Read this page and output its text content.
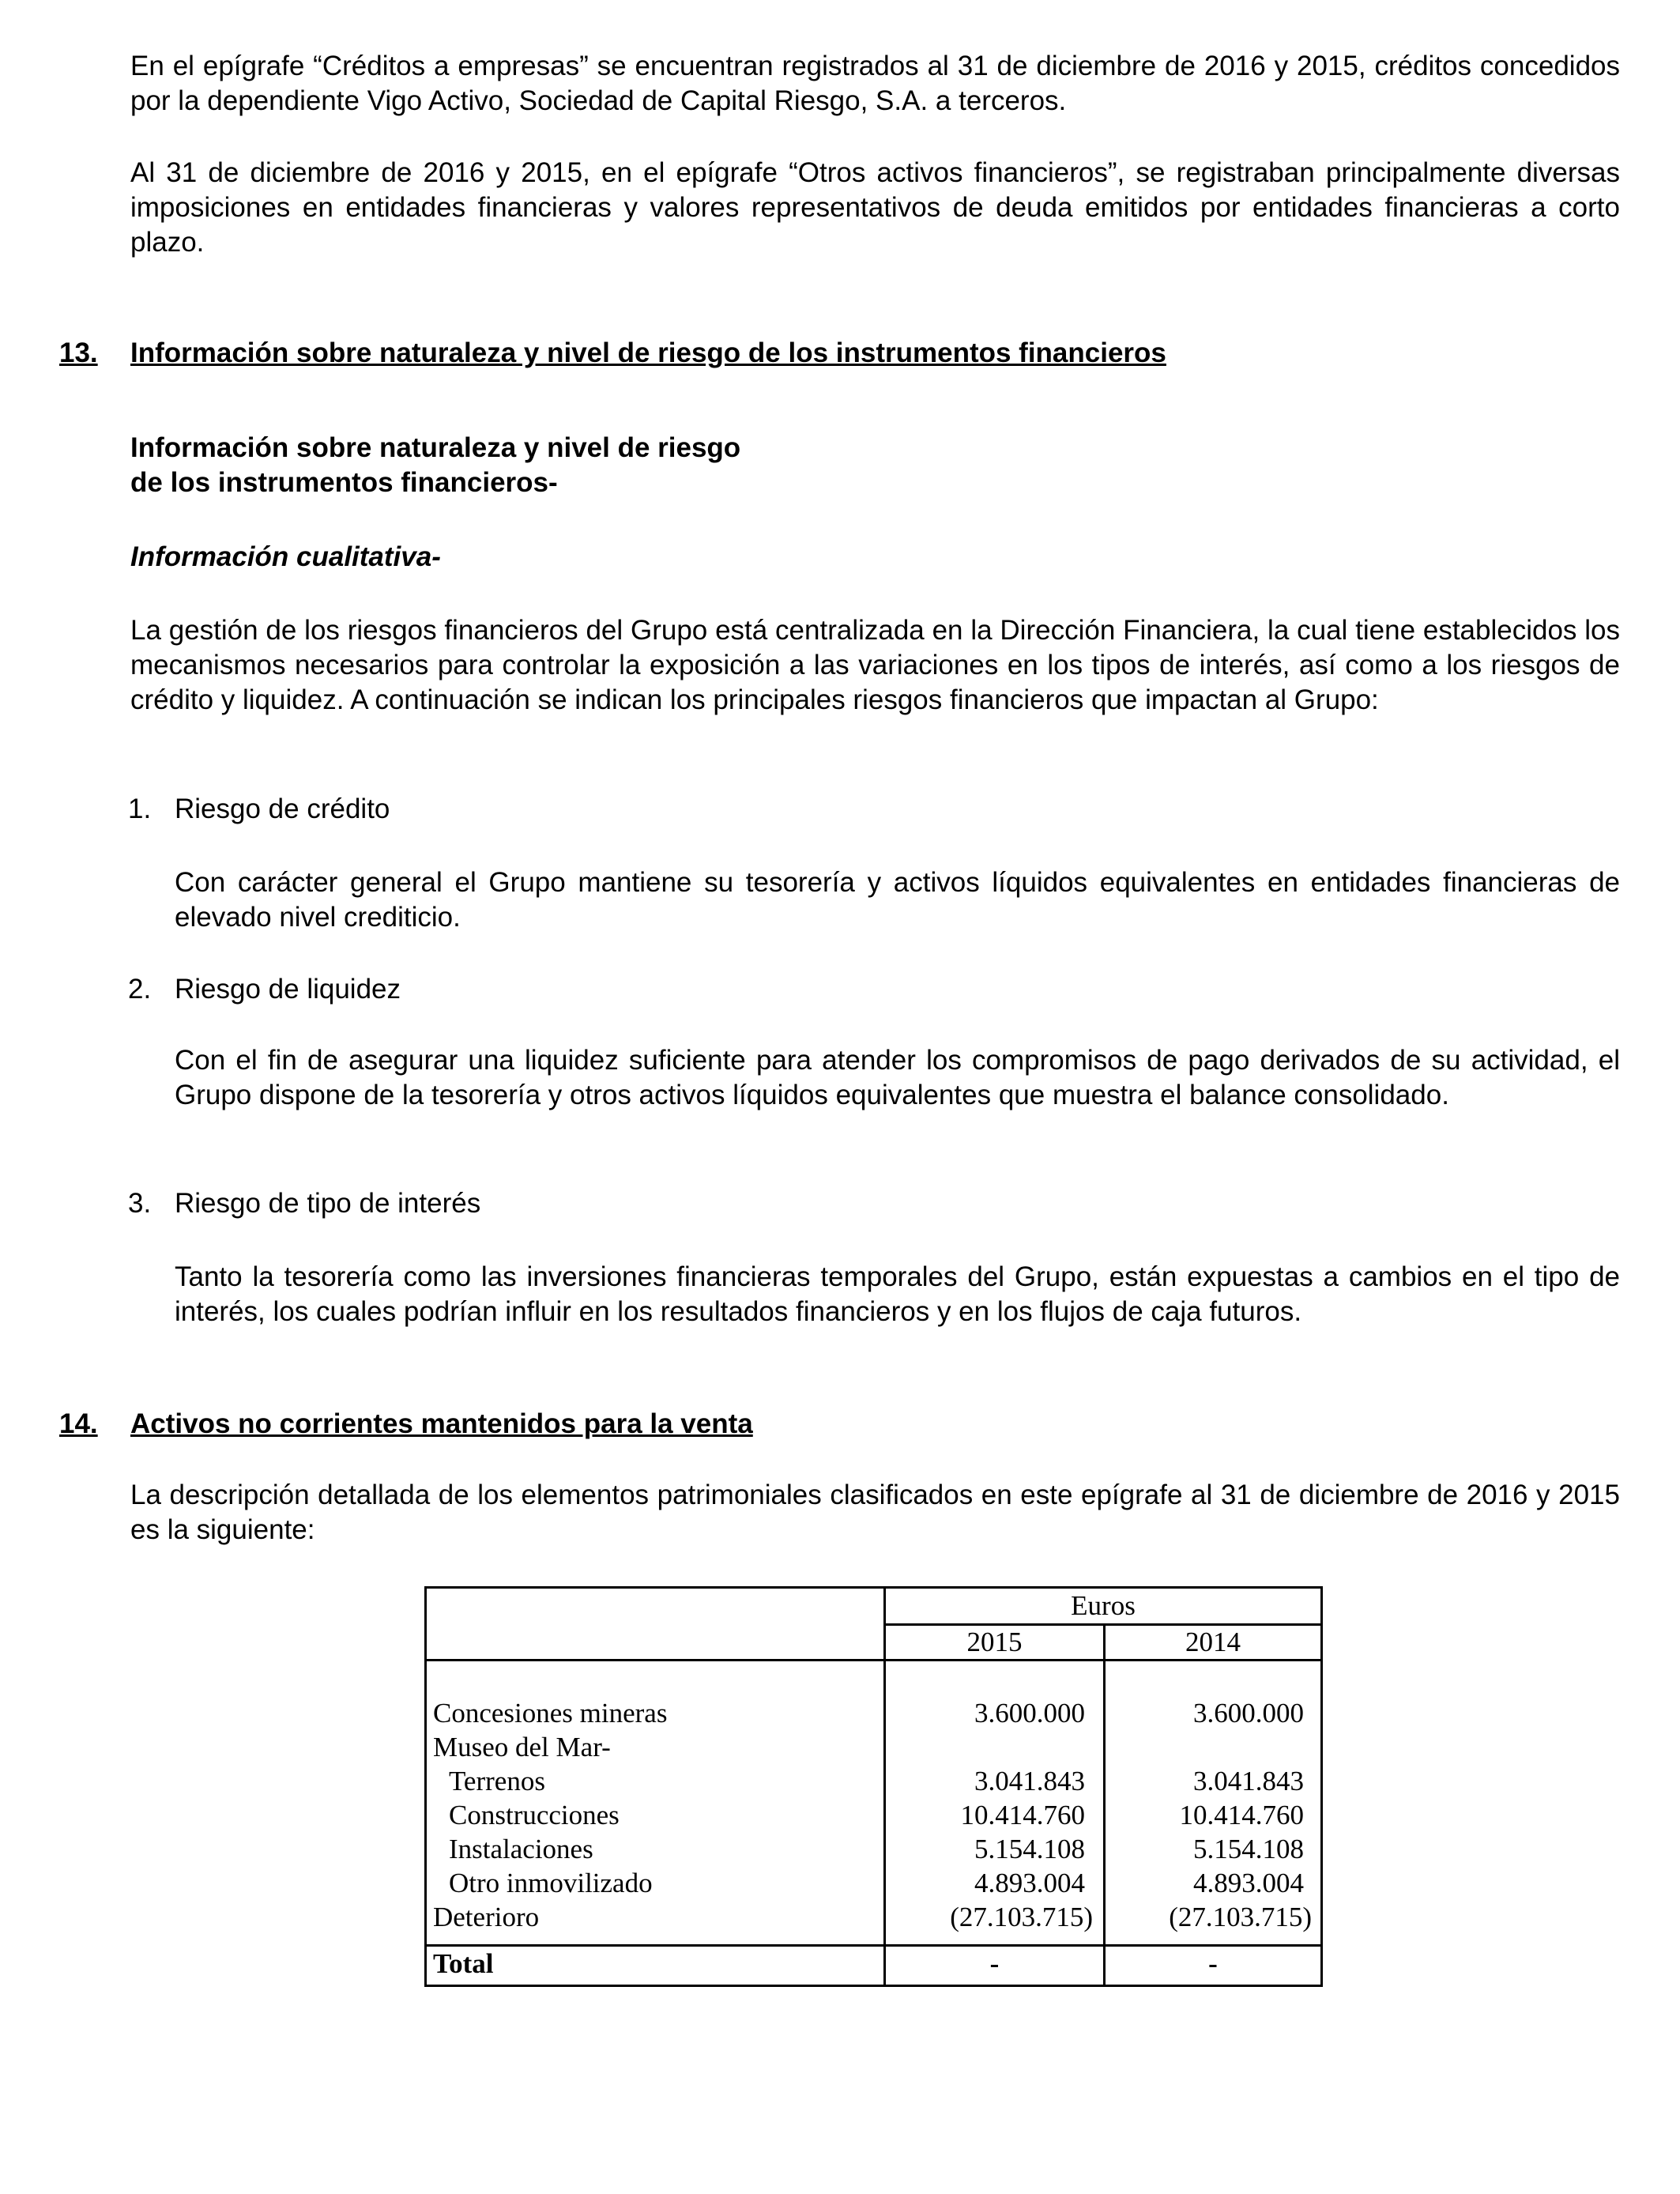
En el epígrafe “Créditos a empresas” se encuentran registrados al 31 de diciembre de 2016 y 2015, créditos concedidos por la dependiente Vigo Activo, Sociedad de Capital Riesgo, S.A. a terceros.
Al 31 de diciembre de 2016 y 2015, en el epígrafe “Otros activos financieros”, se registraban principalmente diversas imposiciones en entidades financieras y valores representativos de deuda emitidos por entidades financieras a corto plazo.
13. Información sobre naturaleza y nivel de riesgo de los instrumentos financieros
Información sobre naturaleza y nivel de riesgo
de los instrumentos financieros-
Información cualitativa-
La gestión de los riesgos financieros del Grupo está centralizada en la Dirección Financiera, la cual tiene establecidos los mecanismos necesarios para controlar la exposición a las variaciones en los tipos de interés, así como a los riesgos de crédito y liquidez. A continuación se indican los principales riesgos financieros que impactan al Grupo:
1. Riesgo de crédito
Con carácter general el Grupo mantiene su tesorería y activos líquidos equivalentes en entidades financieras de elevado nivel crediticio.
2. Riesgo de liquidez
Con el fin de asegurar una liquidez suficiente para atender los compromisos de pago derivados de su actividad, el Grupo dispone de la tesorería y otros activos líquidos equivalentes que muestra el balance consolidado.
3. Riesgo de tipo de interés
Tanto la tesorería como las inversiones financieras temporales del Grupo, están expuestas a cambios en el tipo de interés, los cuales podrían influir en los resultados financieros y en los flujos de caja futuros.
14. Activos no corrientes mantenidos para la venta
La descripción detallada de los elementos patrimoniales clasificados en este epígrafe al 31 de diciembre de 2016 y 2015 es la siguiente:
Euros
2015	2014
Concesiones mineras	3.600.000	3.600.000
Museo del Mar-
Terrenos	3.041.843	3.041.843
Construcciones	10.414.760	10.414.760
Instalaciones	5.154.108	5.154.108
Otro inmovilizado	4.893.004	4.893.004
Deterioro	(27.103.715)	(27.103.715)
Total	-	-
